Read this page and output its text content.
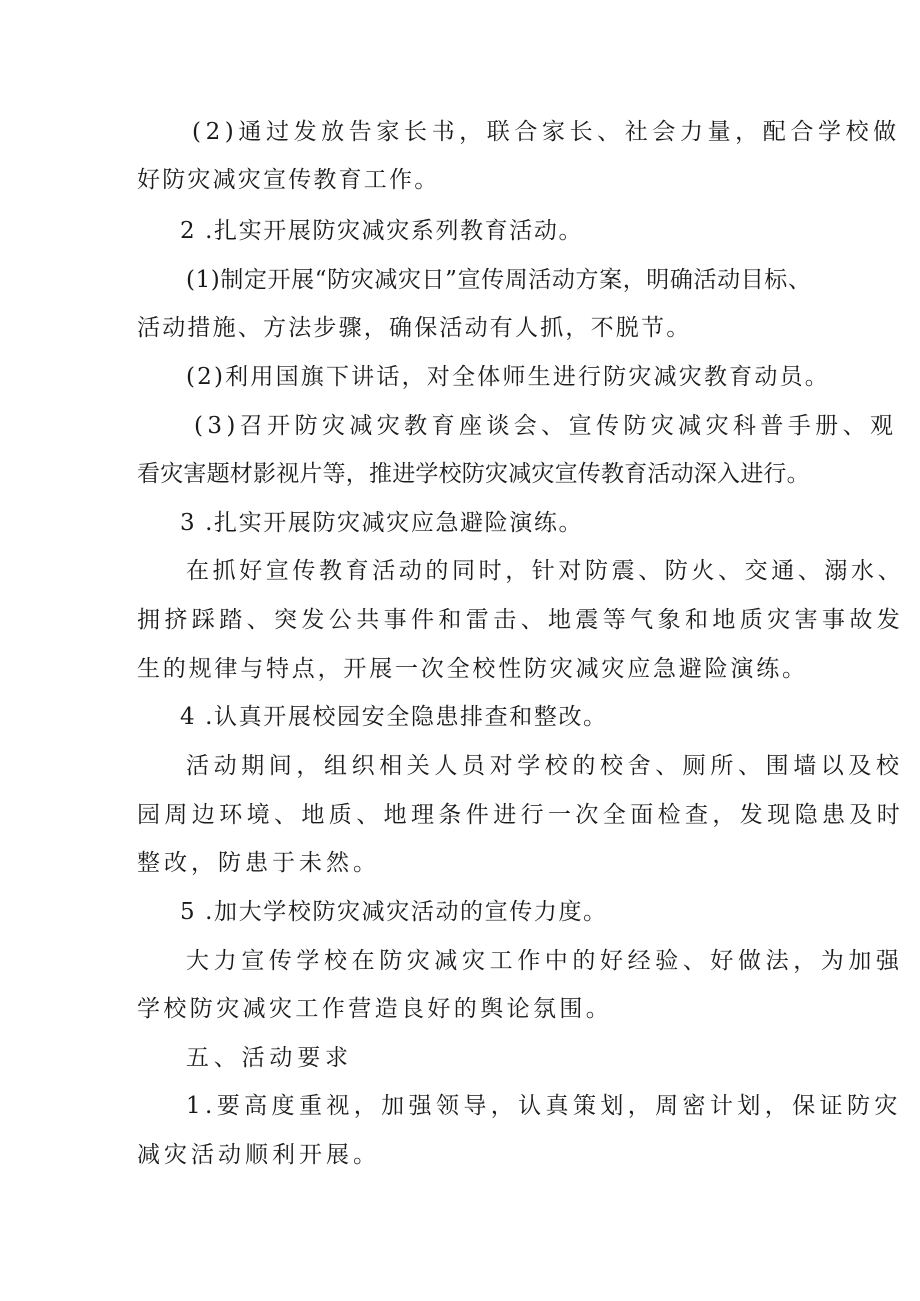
(2)通过发放告家长书，联合家长、社会力量，配合学校做
好防灾减灾宣传教育工作。
2 .扎实开展防灾减灾系列教育活动。
(1)制定开展“防灾减灾日”宣传周活动方案，明确活动目标、
活动措施、方法步骤，确保活动有人抓，不脱节。
(2)利用国旗下讲话，对全体师生进行防灾减灾教育动员。
(3)召开防灾减灾教育座谈会、宣传防灾减灾科普手册、观
看灾害题材影视片等，推进学校防灾减灾宣传教育活动深入进行。
3 .扎实开展防灾减灾应急避险演练。
在抓好宣传教育活动的同时，针对防震、防火、交通、溺水、
拥挤踩踏、突发公共事件和雷击、地震等气象和地质灾害事故发
生的规律与特点，开展一次全校性防灾减灾应急避险演练。
4 .认真开展校园安全隐患排查和整改。
活动期间，组织相关人员对学校的校舍、厕所、围墙以及校
园周边环境、地质、地理条件进行一次全面检查，发现隐患及时
整改，防患于未然。
5 .加大学校防灾减灾活动的宣传力度。
大力宣传学校在防灾减灾工作中的好经验、好做法，为加强
学校防灾减灾工作营造良好的舆论氛围。
五、活动要求
1.要高度重视，加强领导，认真策划，周密计划，保证防灾
减灾活动顺利开展。
